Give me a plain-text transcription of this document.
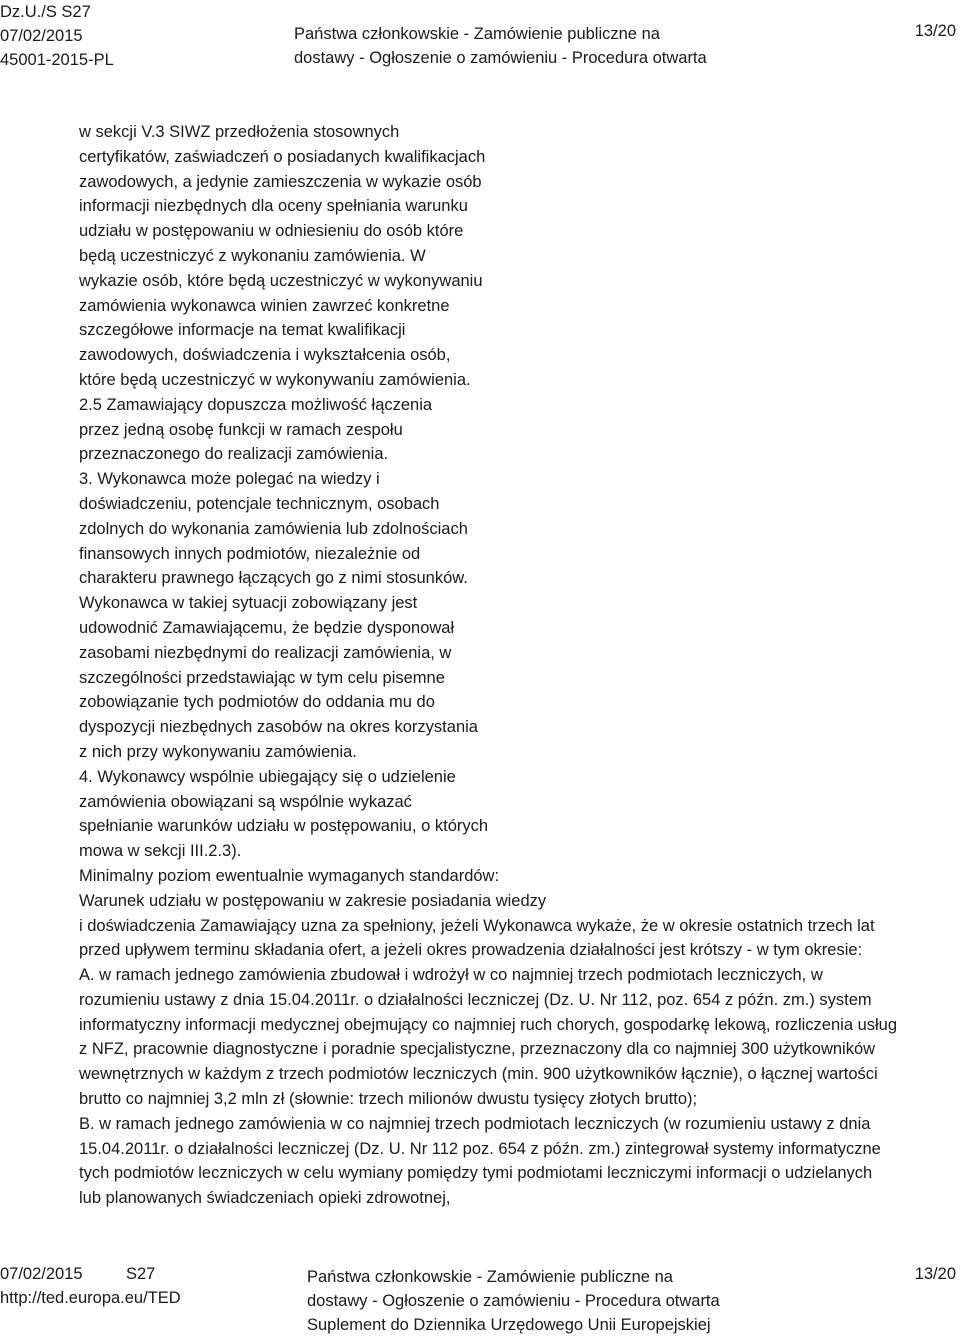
Dz.U./S S27
07/02/2015
45001-2015-PL
Państwa członkowskie - Zamówienie publiczne na
dostawy - Ogłoszenie o zamówieniu - Procedura otwarta
13/20
w sekcji V.3 SIWZ przedłożenia stosownych
certyfikatów, zaświadczeń o posiadanych kwalifikacjach
zawodowych, a jedynie zamieszczenia w wykazie osób
informacji niezbędnych dla oceny spełniania warunku
udziału w postępowaniu w odniesieniu do osób które
będą uczestniczyć z wykonaniu zamówienia. W
wykazie osób, które będą uczestniczyć w wykonywaniu
zamówienia wykonawca winien zawrzeć konkretne
szczegółowe informacje na temat kwalifikacji
zawodowych, doświadczenia i wykształcenia osób,
które będą uczestniczyć w wykonywaniu zamówienia.
2.5 Zamawiający dopuszcza możliwość łączenia
przez jedną osobę funkcji w ramach zespołu
przeznaczonego do realizacji zamówienia.
3. Wykonawca może polegać na wiedzy i
doświadczeniu, potencjale technicznym, osobach
zdolnych do wykonania zamówienia lub zdolnościach
finansowych innych podmiotów, niezależnie od
charakteru prawnego łączących go z nimi stosunków.
Wykonawca w takiej sytuacji zobowiązany jest
udowodnić Zamawiającemu, że będzie dysponował
zasobami niezbędnymi do realizacji zamówienia, w
szczególności przedstawiając w tym celu pisemne
zobowiązanie tych podmiotów do oddania mu do
dyspozycji niezbędnych zasobów na okres korzystania
z nich przy wykonywaniu zamówienia.
4. Wykonawcy wspólnie ubiegający się o udzielenie
zamówienia obowiązani są wspólnie wykazać
spełnianie warunków udziału w postępowaniu, o których
mowa w sekcji III.2.3).
Minimalny poziom ewentualnie wymaganych standardów:
Warunek udziału w postępowaniu w zakresie posiadania wiedzy
i doświadczenia Zamawiający uzna za spełniony, jeżeli Wykonawca wykaże, że w okresie ostatnich trzech lat
przed upływem terminu składania ofert, a jeżeli okres prowadzenia działalności jest krótszy - w tym okresie:
A. w ramach jednego zamówienia zbudował i wdrożył w co najmniej trzech podmiotach leczniczych, w
rozumieniu ustawy z dnia 15.04.2011r. o działalności leczniczej (Dz. U. Nr 112, poz. 654 z późn. zm.) system
informatyczny informacji medycznej obejmujący co najmniej ruch chorych, gospodarkę lekową, rozliczenia usług
z NFZ, pracownie diagnostyczne i poradnie specjalistyczne, przeznaczony dla co najmniej 300 użytkowników
wewnętrznych w każdym z trzech podmiotów leczniczych (min. 900 użytkowników łącznie), o łącznej wartości
brutto co najmniej 3,2 mln zł (słownie: trzech milionów dwustu tysięcy złotych brutto);
B. w ramach jednego zamówienia w co najmniej trzech podmiotach leczniczych (w rozumieniu ustawy z dnia
15.04.2011r. o działalności leczniczej (Dz. U. Nr 112 poz. 654 z późn. zm.) zintegrował systemy informatyczne
tych podmiotów leczniczych w celu wymiany pomiędzy tymi podmiotami leczniczymi informacji o udzielanych
lub planowanych świadczeniach opieki zdrowotnej,
07/02/2015	S27
http://ted.europa.eu/TED
Państwa członkowskie - Zamówienie publiczne na
dostawy - Ogłoszenie o zamówieniu - Procedura otwarta
Suplement do Dziennika Urzędowego Unii Europejskiej
13/20
